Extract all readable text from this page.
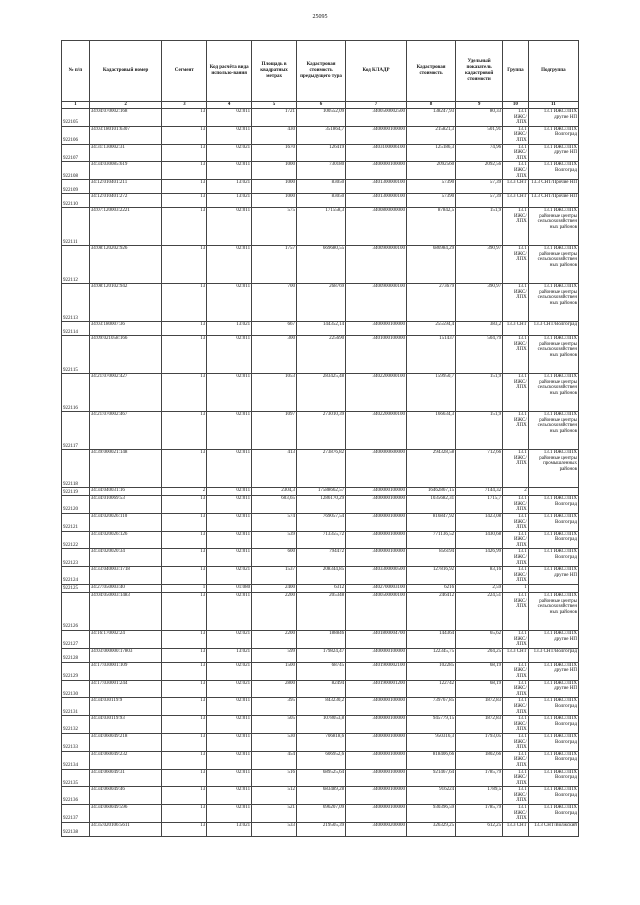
25095
№ п/п	Кадастровый номер	Сегмент	Код расчёта вида использо-вания	Площадь в квадратных метрах	Кадастровая стоимость предыдущего тура	Код КЛАДР	Кадастровая стоимость	Удельный показатель кадастровой стоимости	Группа	Подгруппа
1	2	3	4	5	6	7	8	9	10	11
922105	34:04:070002:168	13	02:011	1721	100552,09	3400500002500	138247,93	80,33	13.1 ИЖС/ЛПХ	13.1 ИЖС/ЛПХ другие НП
922106	34:03:180101:6307	13	02:011	430	351864,7	3400000100000	215821,3	501,91	13.1 ИЖС/ЛПХ	13.1 ИЖС/ЛПХ Волгоград
922107	34:31:130002:31	13	02:021	1670	126419	3403100006100	125186,3	74,96	13.1 ИЖС/ЛПХ	13.1 ИЖС/ЛПХ другие НП
922108	34:34:030085:619	13	02:011	1000	730180	3400000100000	2092560	2092,56	13.1 ИЖС/ЛПХ	13.1 ИЖС/ЛПХ Волгоград
922109	34:12:010401:211	13	13:021	1000	83050	3401300000100	57390	57,39	13.3 СНТ	13.3 СНТ/Прочие НП
922110	34:12:010401:272	13	13:021	1000	83050	3401300000100	57390	57,39	13.3 СНТ	13.3 СНТ/Прочие НП
922111	34:07:120003:2221	13	02:011	575	171558,3	3400800000000	87842,5	151,9	13.1 ИЖС/ЛПХ	13.1 ИЖС/ЛПХ районные центры сельскохозяйствен ных районов
922112	34:08:120202:926	13	02:011	1757	669680,55	3400900000100	686984,29	390,97	13.1 ИЖС/ЛПХ	13.1 ИЖС/ЛПХ районные центры сельскохозяйствен ных районов
922113	34:08:120102:942	13	02:011	700	268769	3400900000100	273679	390,97	13.1 ИЖС/ЛПХ	13.1 ИЖС/ЛПХ районные центры сельскохозяйствен ных районов
922114	34:03:180007:36	13	13:021	667	144352,14	3400000100000	255594,4	383,2	13.3 СНТ	13.3 СНТ/Волгоград
922115	34:09:021058:166	13	02:011	300	225690	3401000100000	151437	504,79	13.1 ИЖС/ЛПХ	13.1 ИЖС/ЛПХ районные центры сельскохозяйствен ных районов
922116	34:21:070002:427	13	02:011	1053	283425,48	3402200000100	159950,7	151,9	13.1 ИЖС/ЛПХ	13.1 ИЖС/ЛПХ районные центры сельскохозяйствен ных районов
922117	34:21:070002:467	13	02:011	1097	273010,39	3402200000100	166634,3	151,9	13.1 ИЖС/ЛПХ	13.1 ИЖС/ЛПХ районные центры сельскохозяйствен ных районов
922118	34:39:000021:148	13	02:011	413	273876,82	3400000600000	294328,58	712,66	13.1 ИЖС/ЛПХ	13.1 ИЖС/ЛПХ районные центры промышленных районов
922119	34:34:040031:16	2	02:011	2304,3	17588662,57	3400000100000	16462867,15	7144,32	2	
922120	34:34:010069:53	13	02:011	603,65	1286170,29	3400000100000	1035682,31	1715,7	13.1 ИЖС/ЛПХ	13.1 ИЖС/ЛПХ Волгоград
922121	34:34:020026:110	13	02:011	574	769057,54	3400000100000	816847,92	1423,08	13.1 ИЖС/ЛПХ	13.1 ИЖС/ЛПХ Волгоград
922122	34:34:020026:126	13	02:011	539	713355,72	3400000100000	771136,52	1430,68	13.1 ИЖС/ЛПХ	13.1 ИЖС/ЛПХ Волгоград
922123	34:34:020020:34	13	02:011	600	794472	3400000100000	856194	1426,99	13.1 ИЖС/ЛПХ	13.1 ИЖС/ЛПХ Волгоград
922124	34:33:040003:1718	13	02:021	1537	208344,85	3403300000500	127816,92	83,16	13.1 ИЖС/ЛПХ	13.1 ИЖС/ЛПХ другие НП
922125	34:27:050003:40	1	01:080	2400	6312	3402700003100	6216	2,59	1	
922126	34:04:050003:1483	13	02:011	2200	205348	3400500000100	246412	224,51	13.1 ИЖС/ЛПХ	13.1 ИЖС/ЛПХ районные центры сельскохозяйствен ных районов
922127	34:16:170002:24	13	02:021	2200	188846	3401800004700	144364	65,62	13.1 ИЖС/ЛПХ	13.1 ИЖС/ЛПХ другие НП
922128	34:03:000000:17803	13	13:021	599	179824,47	3400000100000	122345,75	204,25	13.3 СНТ	13.3 СНТ/Волгоград
922129	34:17:030001:109	13	02:021	1500	68745	3401900002100	102285	68,19	13.1 ИЖС/ЛПХ	13.1 ИЖС/ЛПХ другие НП
922130	34:17:030001:244	13	02:021	2800	82494	3401900001200	122742	68,19	13.1 ИЖС/ЛПХ	13.1 ИЖС/ЛПХ другие НП
922131	34:34:030119:9	13	02:011	395	843230,2	3400000100000	739767,85	1872,83	13.1 ИЖС/ЛПХ	13.1 ИЖС/ЛПХ Волгоград
922132	34:34:030119:93	13	02:011	505	1078053,8	3400000100000	945779,15	1872,83	13.1 ИЖС/ЛПХ	13.1 ИЖС/ЛПХ Волгоград
922133	34:34:060049:218	13	02:011	530	706818,6	3400000100000	950316,3	1793,05	13.1 ИЖС/ЛПХ	13.1 ИЖС/ЛПХ Волгоград
922134	34:34:060049:232	13	02:011	454	606952,6	3400000100000	818406,66	1802,66	13.1 ИЖС/ЛПХ	13.1 ИЖС/ЛПХ Волгоград
922135	34:34:060049:31	13	02:011	516	689525,64	3400000100000	921467,64	1785,79	13.1 ИЖС/ЛПХ	13.1 ИЖС/ЛПХ Волгоград
922136	34:34:060049:46	13	02:011	512	683489,28	3400000100000	916224	1789,5	13.1 ИЖС/ЛПХ	13.1 ИЖС/ЛПХ Волгоград
922137	34:34:060049:596	13	02:011	521	696207,09	3400000100000	930396,59	1785,79	13.1 ИЖС/ЛПХ	13.1 ИЖС/ЛПХ Волгоград
922138	34:35:020106:5611	13	13:021	533	219505,39	3400000200000	326329,25	612,25	13.3 СНТ	13.3 СНТ/Волжский
